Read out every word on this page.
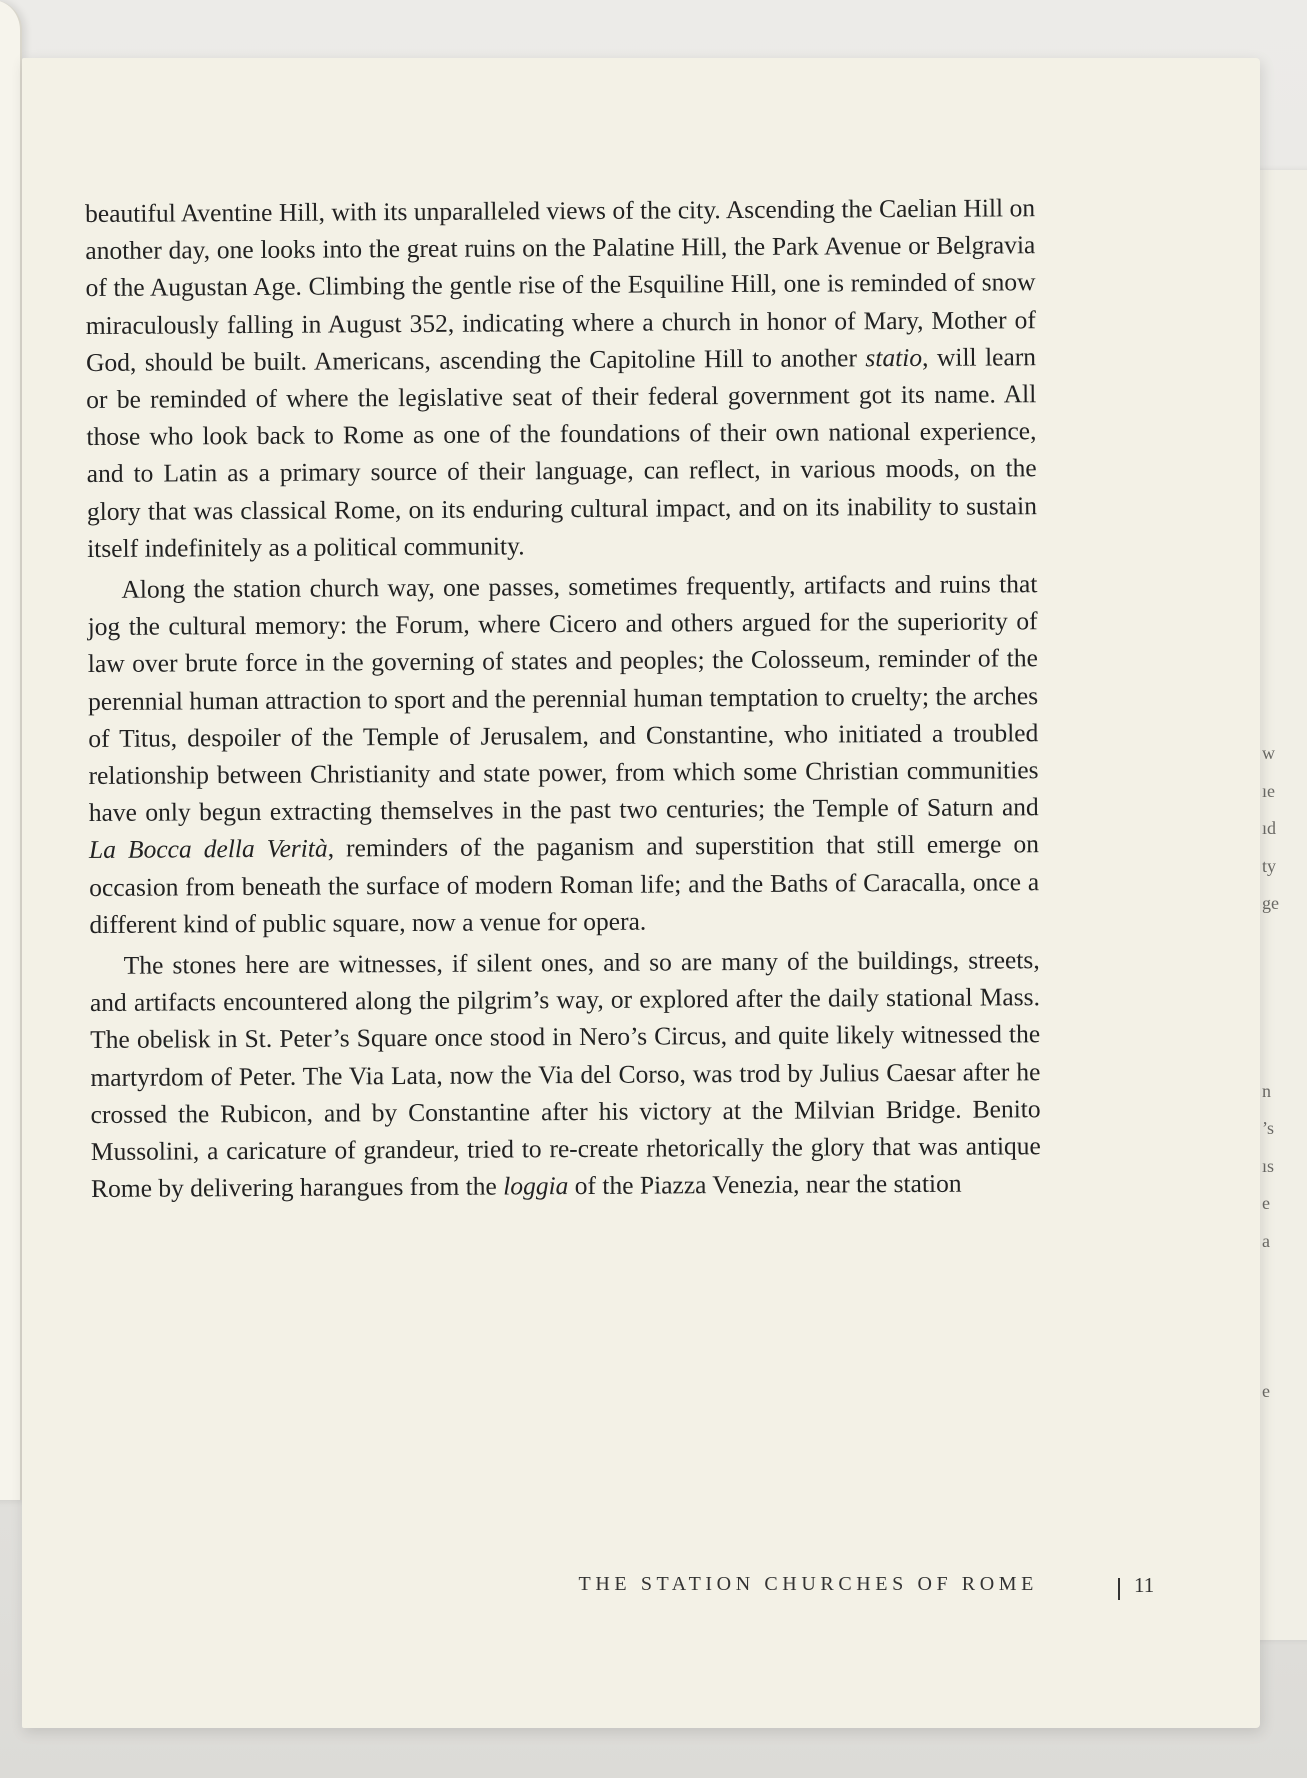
w
ıe
ıd
ty
ge
n
’s
ıs
e
a
e

beautiful Aventine Hill, with its unparalleled views of the city. Ascending the Caelian Hill on another day, one looks into the great ruins on the Palatine Hill, the Park Avenue or Belgravia of the Augustan Age. Climbing the gentle rise of the Esquiline Hill, one is reminded of snow miraculously falling in August 352, indicating where a church in honor of Mary, Mother of God, should be built. Americans, ascending the Capitoline Hill to another statio, will learn or be reminded of where the legislative seat of their federal government got its name. All those who look back to Rome as one of the foundations of their own national experience, and to Latin as a primary source of their language, can reflect, in various moods, on the glory that was classical Rome, on its enduring cultural impact, and on its inability to sustain itself indefinitely as a political community.

Along the station church way, one passes, sometimes frequently, artifacts and ruins that jog the cultural memory: the Forum, where Cicero and others argued for the superiority of law over brute force in the governing of states and peoples; the Colosseum, reminder of the perennial human attraction to sport and the perennial human temptation to cruelty; the arches of Titus, despoiler of the Temple of Jerusalem, and Constantine, who initiated a troubled relationship between Christianity and state power, from which some Christian communities have only begun extracting themselves in the past two centuries; the Temple of Saturn and La Bocca della Verità, reminders of the paganism and superstition that still emerge on occasion from beneath the surface of modern Roman life; and the Baths of Caracalla, once a different kind of public square, now a venue for opera.

The stones here are witnesses, if silent ones, and so are many of the buildings, streets, and artifacts encountered along the pilgrim’s way, or explored after the daily stational Mass. The obelisk in St. Peter’s Square once stood in Nero’s Circus, and quite likely witnessed the martyrdom of Peter. The Via Lata, now the Via del Corso, was trod by Julius Caesar after he crossed the Rubicon, and by Constantine after his victory at the Milvian Bridge. Benito Mussolini, a caricature of grandeur, tried to re-create rhetorically the glory that was antique Rome by delivering harangues from the loggia of the Piazza Venezia, near the station

THE STATION CHURCHES OF ROME	11
